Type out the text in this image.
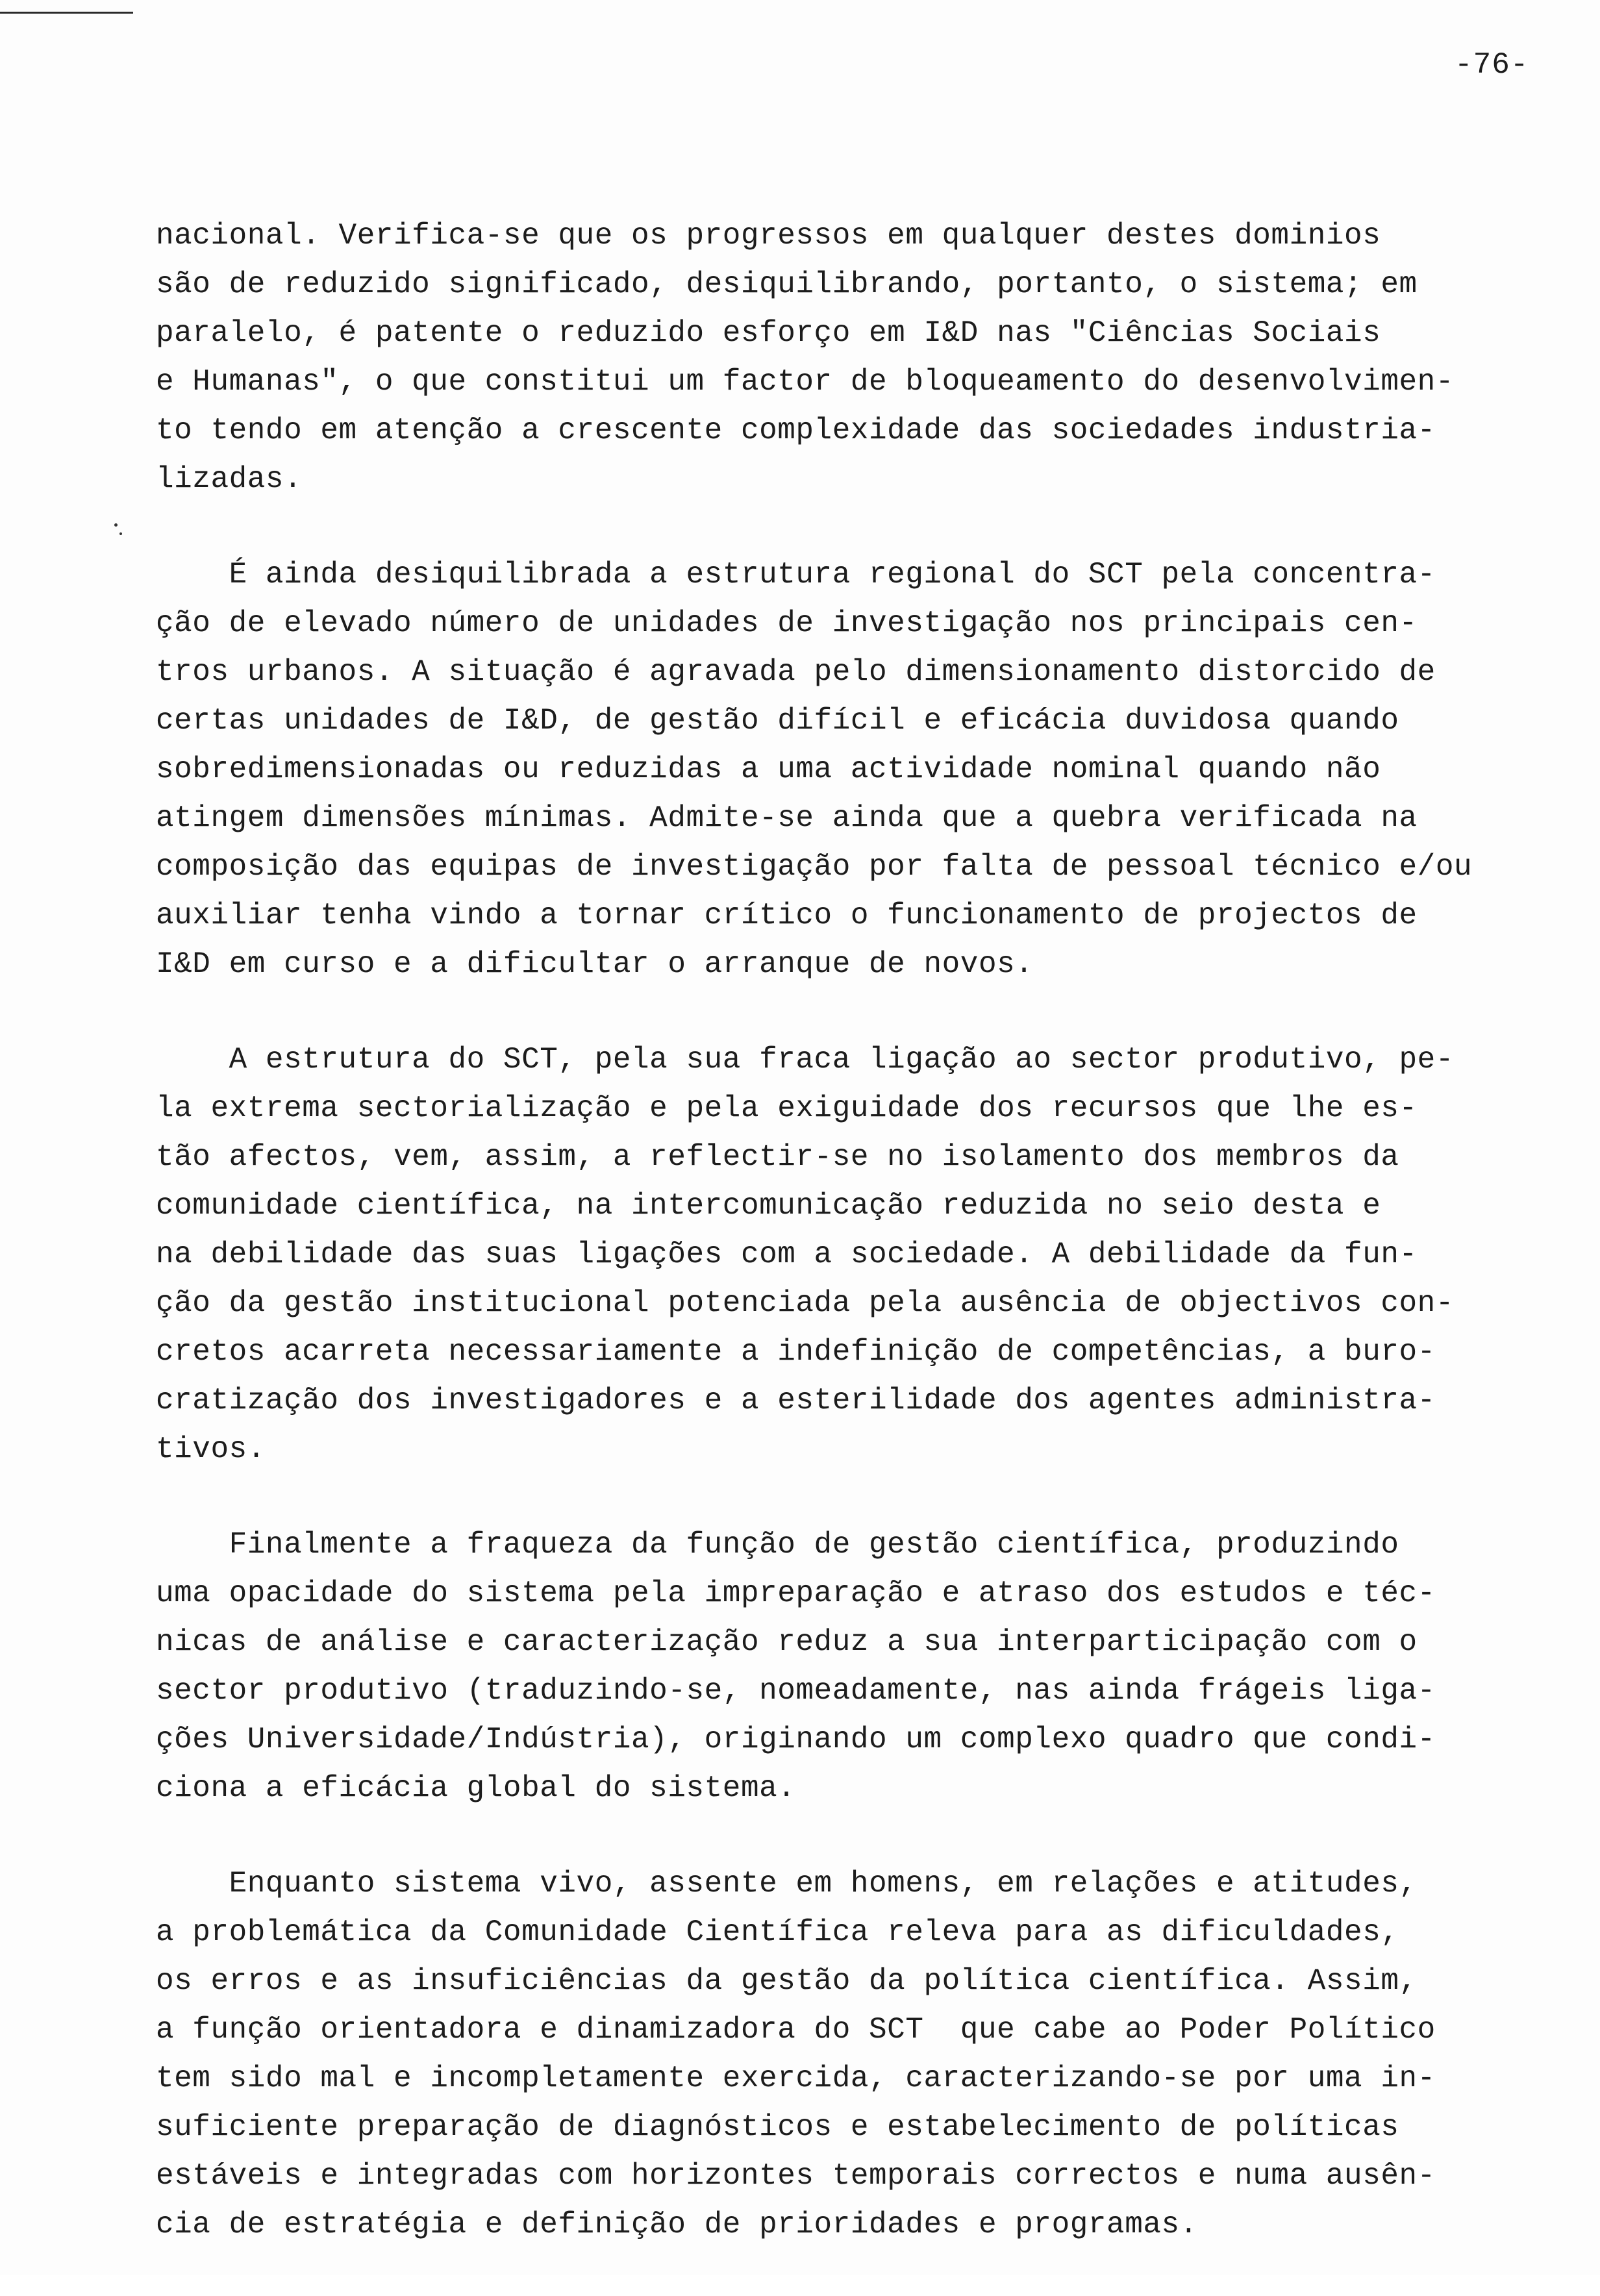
-76-
nacional. Verifica-se que os progressos em qualquer destes dominios
são de reduzido significado, desiquilibrando, portanto, o sistema; em
paralelo, é patente o reduzido esforço em I&D nas "Ciências Sociais
e Humanas", o que constitui um factor de bloqueamento do desenvolvimen-
to tendo em atenção a crescente complexidade das sociedades industria-
lizadas.
É ainda desiquilibrada a estrutura regional do SCT pela concentra-
ção de elevado número de unidades de investigação nos principais cen-
tros urbanos. A situação é agravada pelo dimensionamento distorcido de
certas unidades de I&D, de gestão difícil e eficácia duvidosa quando
sobredimensionadas ou reduzidas a uma actividade nominal quando não
atingem dimensões mínimas. Admite-se ainda que a quebra verificada na
composição das equipas de investigação por falta de pessoal técnico e/ou
auxiliar tenha vindo a tornar crítico o funcionamento de projectos de
I&D em curso e a dificultar o arranque de novos.
A estrutura do SCT, pela sua fraca ligação ao sector produtivo, pe-
la extrema sectorialização e pela exiguidade dos recursos que lhe es-
tão afectos, vem, assim, a reflectir-se no isolamento dos membros da
comunidade científica, na intercomunicação reduzida no seio desta e
na debilidade das suas ligações com a sociedade. A debilidade da fun-
ção da gestão institucional potenciada pela ausência de objectivos con-
cretos acarreta necessariamente a indefinição de competências, a buro-
cratização dos investigadores e a esterilidade dos agentes administra-
tivos.
Finalmente a fraqueza da função de gestão científica, produzindo
uma opacidade do sistema pela impreparação e atraso dos estudos e téc-
nicas de análise e caracterização reduz a sua interparticipação com o
sector produtivo (traduzindo-se, nomeadamente, nas ainda frágeis liga-
ções Universidade/Indústria), originando um complexo quadro que condi-
ciona a eficácia global do sistema.
Enquanto sistema vivo, assente em homens, em relações e atitudes,
a problemática da Comunidade Científica releva para as dificuldades,
os erros e as insuficiências da gestão da política científica. Assim,
a função orientadora e dinamizadora do SCT  que cabe ao Poder Político
tem sido mal e incompletamente exercida, caracterizando-se por uma in-
suficiente preparação de diagnósticos e estabelecimento de políticas
estáveis e integradas com horizontes temporais correctos e numa ausên-
cia de estratégia e definição de prioridades e programas.
